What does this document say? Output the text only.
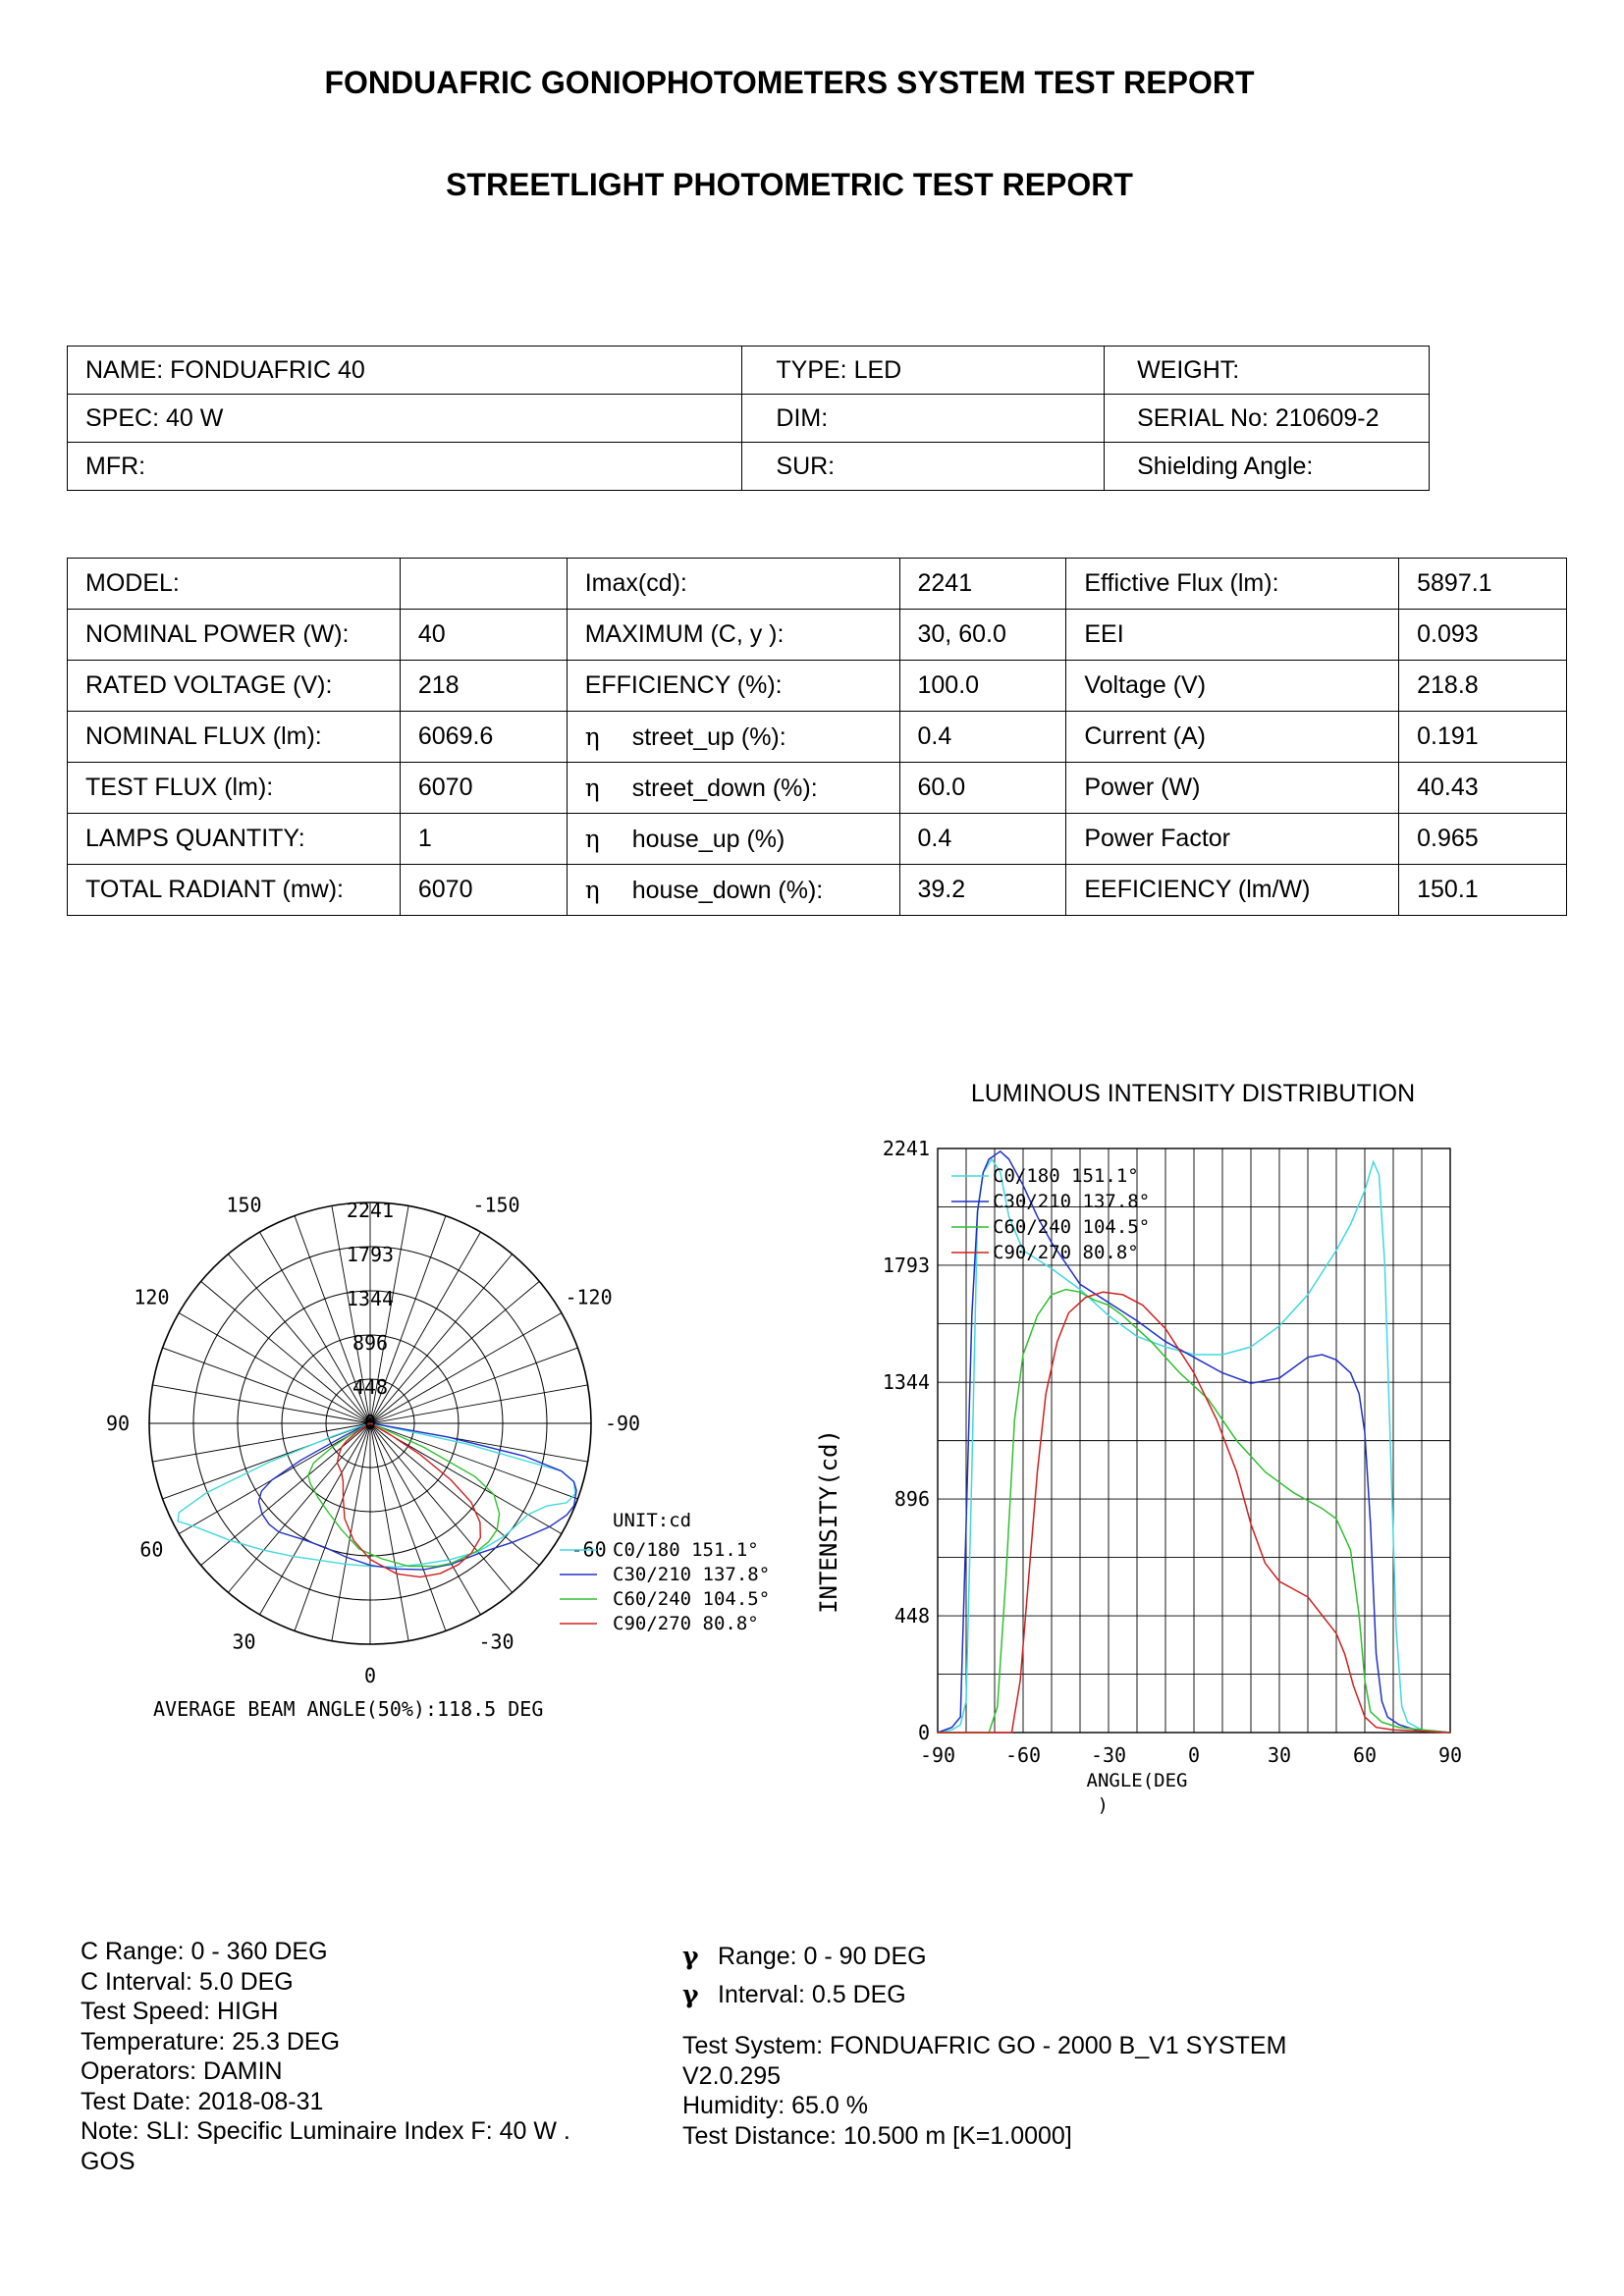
FONDUAFRIC GONIOPHOTOMETERS SYSTEM TEST REPORT
STREETLIGHT PHOTOMETRIC TEST REPORT
NAME: FONDUAFRIC 40	TYPE: LED	WEIGHT:
SPEC: 40 W	DIM:	SERIAL No: 210609-2
MFR:	SUR:	Shielding Angle:
MODEL:		Imax(cd):	2241	Effictive Flux (lm):	5897.1
NOMINAL POWER (W):	40	MAXIMUM (C, y ):	30, 60.0	EEI	0.093
RATED VOLTAGE (V):	218	EFFICIENCY (%):	100.0	Voltage (V)	218.8
NOMINAL FLUX (lm):	6069.6	η street_up (%):	0.4	Current (A)	0.191
TEST FLUX (lm):	6070	η street_down (%):	60.0	Power (W)	40.43
LAMPS QUANTITY:	1	η house_up (%)	0.4	Power Factor	0.965
TOTAL RADIANT (mw):	6070	η house_down (%):	39.2	EEFICIENCY (lm/W)	150.1
2241
1793
1344
896
448
0
-150
150
-120
120
-90
90
-60
60
-30
30
0
UNIT:cd
C0/180 151.1°
C30/210 137.8°
C60/240 104.5°
C90/270 80.8°
AVERAGE BEAM ANGLE(50%):118.5 DEG
LUMINOUS INTENSITY DISTRIBUTION
0
448
896
1344
1793
2241
-90	-60	-30	0	30	60	90
C0/180 151.1°
C30/210 137.8°
C60/240 104.5°
C90/270 80.8°
INTENSITY(cd)
ANGLE(DEG
)
C Range: 0 - 360 DEG
C Interval: 5.0 DEG
Test Speed: HIGH
Temperature: 25.3 DEG
Operators: DAMIN
Test Date: 2018-08-31
Note: SLI: Specific Luminaire Index F: 40 W .
GOS
γ Range: 0 - 90 DEG
γ Interval: 0.5 DEG
Test System: FONDUAFRIC GO - 2000 B_V1 SYSTEM
V2.0.295
Humidity: 65.0 %
Test Distance: 10.500 m [K=1.0000]
